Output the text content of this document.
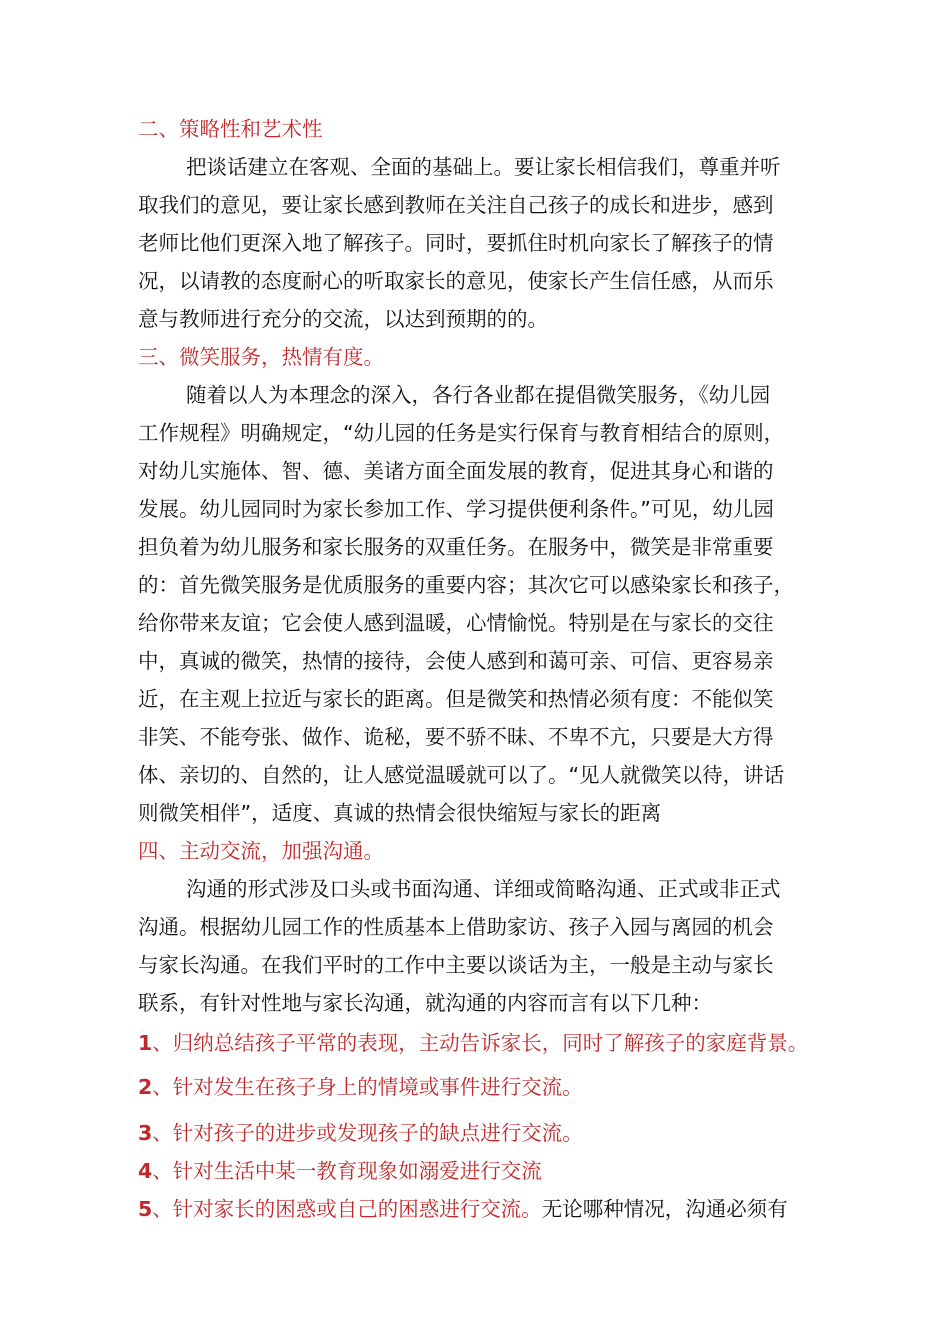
二、策略性和艺术性
把谈话建立在客观、全面的基础上。要让家长相信我们，尊重并听
取我们的意见，要让家长感到教师在关注自己孩子的成长和进步，感到
老师比他们更深入地了解孩子。同时，要抓住时机向家长了解孩子的情
况，以请教的态度耐心的听取家长的意见，使家长产生信任感，从而乐
意与教师进行充分的交流，以达到预期的的。
三、微笑服务，热情有度。
随着以人为本理念的深入，各行各业都在提倡微笑服务，《幼儿园
工作规程》明确规定，“幼儿园的任务是实行保育与教育相结合的原则，
对幼儿实施体、智、德、美诸方面全面发展的教育，促进其身心和谐的
发展。幼儿园同时为家长参加工作、学习提供便利条件。”可见，幼儿园
担负着为幼儿服务和家长服务的双重任务。在服务中，微笑是非常重要
的：首先微笑服务是优质服务的重要内容；其次它可以感染家长和孩子，
给你带来友谊；它会使人感到温暖，心情愉悦。特别是在与家长的交往
中，真诚的微笑，热情的接待，会使人感到和蔼可亲、可信、更容易亲
近，在主观上拉近与家长的距离。但是微笑和热情必须有度：不能似笑
非笑、不能夸张、做作、诡秘，要不骄不昧、不卑不亢，只要是大方得
体、亲切的、自然的，让人感觉温暖就可以了。“见人就微笑以待，讲话
则微笑相伴”，适度、真诚的热情会很快缩短与家长的距离
四、主动交流，加强沟通。
沟通的形式涉及口头或书面沟通、详细或简略沟通、正式或非正式
沟通。根据幼儿园工作的性质基本上借助家访、孩子入园与离园的机会
与家长沟通。在我们平时的工作中主要以谈话为主，一般是主动与家长
联系，有针对性地与家长沟通，就沟通的内容而言有以下几种：
1、归纳总结孩子平常的表现，主动告诉家长，同时了解孩子的家庭背景。
2、针对发生在孩子身上的情境或事件进行交流。
3、针对孩子的进步或发现孩子的缺点进行交流。
4、针对生活中某一教育现象如溺爱进行交流
5、针对家长的困惑或自己的困惑进行交流。无论哪种情况，沟通必须有
